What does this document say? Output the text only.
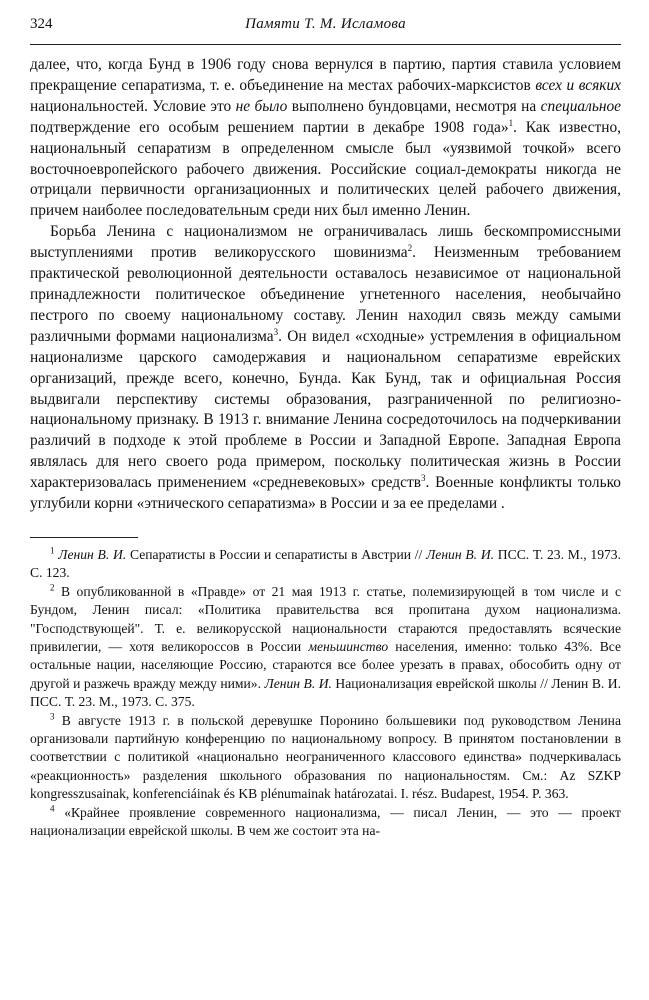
324	Памяти Т. М. Исламова

далее, что, когда Бунд в 1906 году снова вернулся в партию, партия ставила условием прекращение сепаратизма, т. е. объединение на местах рабочих-марксистов всех и всяких национальностей. Условие это не было выполнено бундовцами, несмотря на специальное подтверждение его особым решением партии в декабре 1908 года»$^1$. Как известно, национальный сепаратизм в определенном смысле был «уязвимой точкой» всего восточноевропейского рабочего движения. Российские социал-демократы никогда не отрицали первичности организационных и политических целей рабочего движения, причем наиболее последовательным среди них был именно Ленин.

Борьба Ленина с национализмом не ограничивалась лишь бескомпромиссными выступлениями против великорусского шовинизма$^2$. Неизменным требованием практической революционной деятельности оставалось независимое от национальной принадлежности политическое объединение угнетенного населения, необычайно пестрого по своему национальному составу. Ленин находил связь между самыми различными формами национализма$^3$. Он видел «сходные» устремления в официальном национализме царского самодержавия и национальном сепаратизме еврейских организаций, прежде всего, конечно, Бунда. Как Бунд, так и официальная Россия выдвигали перспективу системы образования, разграниченной по религиозно-национальному признаку. В 1913 г. внимание Ленина сосредоточилось на подчеркивании различий в подходе к этой проблеме в России и Западной Европе. Западная Европа являлась для него своего рода примером, поскольку политическая жизнь в России характеризовалась применением «средневековых» средств$^3$. Военные конфликты только углубили корни «этнического сепаратизма» в России и за ее пределами .

$^1$ Ленин В. И. Сепаратисты в России и сепаратисты в Австрии // Ленин В. И. ПСС. Т. 23. М., 1973. С. 123.

$^2$ В опубликованной в «Правде» от 21 мая 1913 г. статье, полемизирующей в том числе и с Бундом, Ленин писал: «Политика правительства вся пропитана духом национализма. "Господствующей". Т. е. великорусской национальности стараются предоставлять всяческие привилегии, — хотя великороссов в России меньшинство населения, именно: только 43%. Все остальные нации, населяющие Россию, стараются все более урезать в правах, обособить одну от другой и разжечь вражду между ними». Ленин В. И. Национализация еврейской школы // Ленин В. И. ПСС. Т. 23. М., 1973. С. 375.

$^3$ В августе 1913 г. в польской деревушке Поронино большевики под руководством Ленина организовали партийную конференцию по национальному вопросу. В принятом постановлении в соответствии с политикой «национально неограниченного классового единства» подчеркивалась «реакционность» разделения школьного образования по национальностям. См.: Az SZKP kongresszusainak, konferenciáinak és KB plénumainak határozatai. I. rész. Budapest, 1954. P. 363.

$^4$ «Крайнее проявление современного национализма, — писал Ленин, — это — проект национализации еврейской школы. В чем же состоит эта на-
